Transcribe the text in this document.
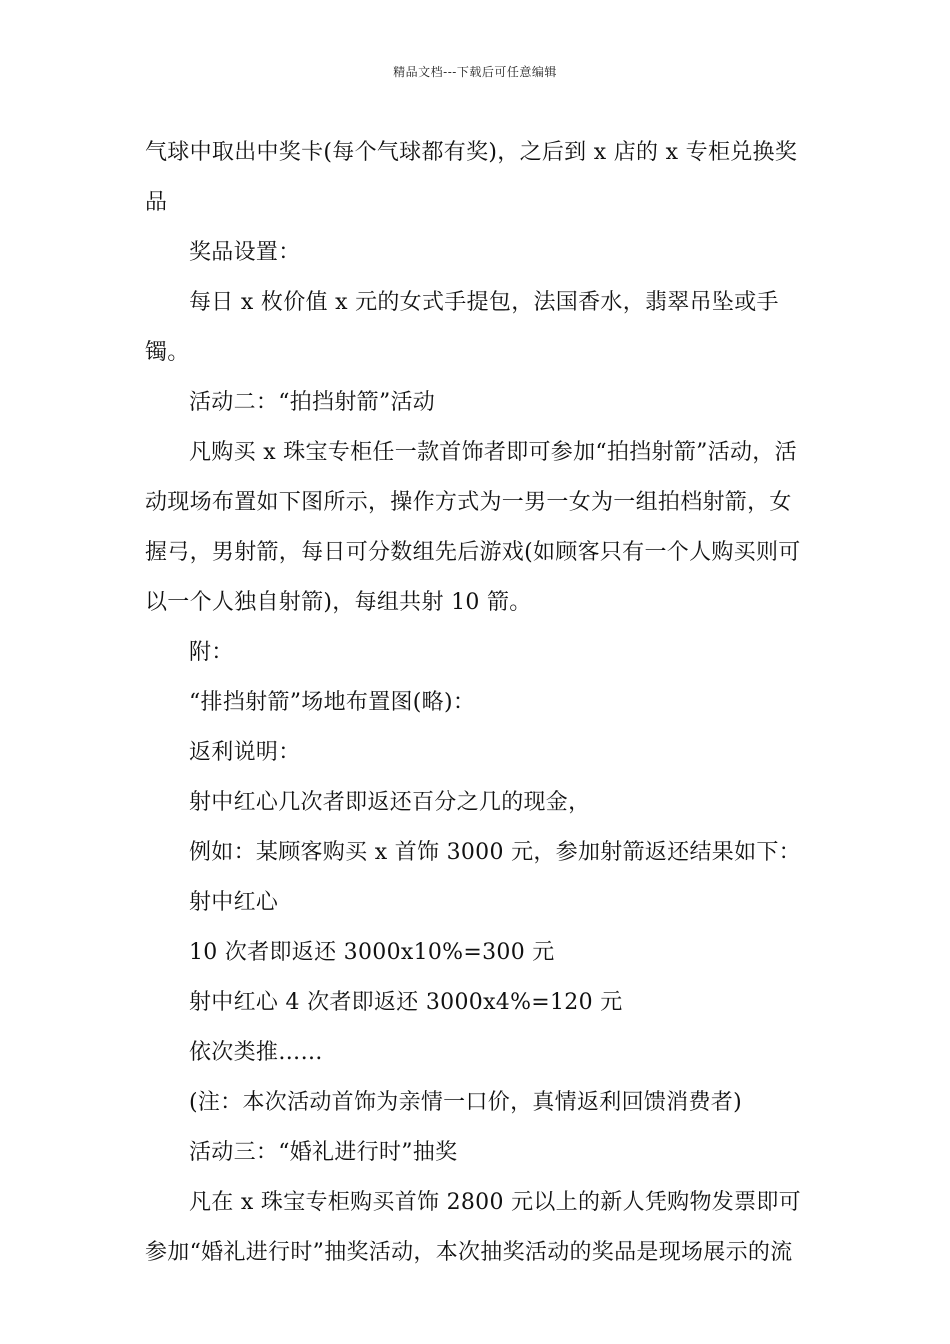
精品文档---下载后可任意编辑

气球中取出中奖卡(每个气球都有奖)，之后到 x 店的 x 专柜兑换奖品

奖品设置：

每日 x 枚价值 x 元的女式手提包，法国香水，翡翠吊坠或手镯。

活动二：“拍挡射箭”活动

凡购买 x 珠宝专柜任一款首饰者即可参加“拍挡射箭”活动，活动现场布置如下图所示，操作方式为一男一女为一组拍档射箭，女握弓，男射箭，每日可分数组先后游戏(如顾客只有一个人购买则可以一个人独自射箭)，每组共射 10 箭。

附：

“排挡射箭”场地布置图(略)：

返利说明：

射中红心几次者即返还百分之几的现金，

例如：某顾客购买 x 首饰 3000 元，参加射箭返还结果如下：

射中红心

10 次者即返还 3000x10%=300 元

射中红心 4 次者即返还 3000x4%=120 元

依次类推……

(注：本次活动首饰为亲情一口价，真情返利回馈消费者)

活动三：“婚礼进行时”抽奖

凡在 x 珠宝专柜购买首饰 2800 元以上的新人凭购物发票即可参加“婚礼进行时”抽奖活动，本次抽奖活动的奖品是现场展示的流
